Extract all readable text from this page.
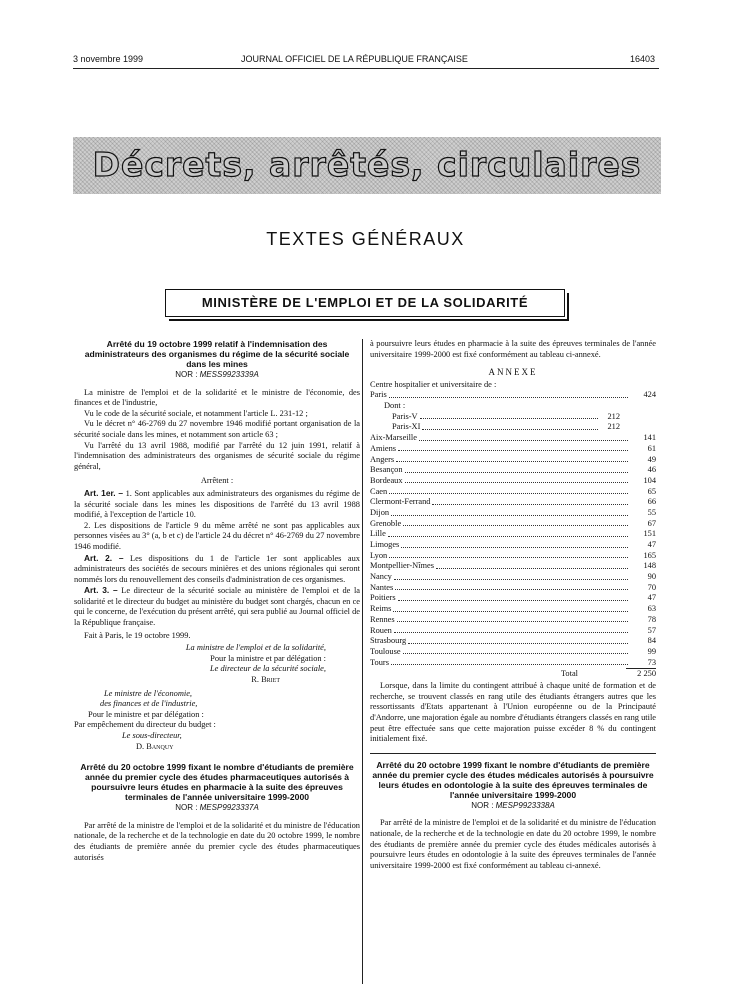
3 novembre 1999	JOURNAL OFFICIEL DE LA RÉPUBLIQUE FRANÇAISE	16403
Décrets, arrêtés, circulaires
TEXTES GÉNÉRAUX
MINISTÈRE DE L'EMPLOI ET DE LA SOLIDARITÉ
Arrêté du 19 octobre 1999 relatif à l'indemnisation des administrateurs des organismes du régime de la sécurité sociale dans les mines
NOR : MESS9923339A

La ministre de l'emploi et de la solidarité et le ministre de l'économie, des finances et de l'industrie,

Vu le code de la sécurité sociale, et notamment l'article L. 231-12 ;

Vu le décret n° 46-2769 du 27 novembre 1946 modifié portant organisation de la sécurité sociale dans les mines, et notamment son article 63 ;

Vu l'arrêté du 13 avril 1988, modifié par l'arrêté du 12 juin 1991, relatif à l'indemnisation des administrateurs des organismes de sécurité sociale du régime général,

Arrêtent :

Art. 1er. – 1. Sont applicables aux administrateurs des organismes du régime de la sécurité sociale dans les mines les dispositions de l'arrêté du 13 avril 1988 modifié, à l'exception de l'article 10.

2. Les dispositions de l'article 9 du même arrêté ne sont pas applicables aux personnes visées au 3° (a, b et c) de l'article 24 du décret n° 46-2769 du 27 novembre 1946 modifié.

Art. 2. – Les dispositions du 1 de l'article 1er sont applicables aux administrateurs des sociétés de secours minières et des unions régionales qui seront nommés lors du renouvellement des conseils d'administration de ces organismes.

Art. 3. – Le directeur de la sécurité sociale au ministère de l'emploi et de la solidarité et le directeur du budget au ministère du budget sont chargés, chacun en ce qui le concerne, de l'exécution du présent arrêté, qui sera publié au Journal officiel de la République française.

Fait à Paris, le 19 octobre 1999.

La ministre de l'emploi et de la solidarité,

Pour la ministre et par délégation :

Le directeur de la sécurité sociale,

R. Briet

Le ministre de l'économie,

des finances et de l'industrie,

Pour le ministre et par délégation :

Par empêchement du directeur du budget :

Le sous-directeur,

D. Banquy

Arrêté du 20 octobre 1999 fixant le nombre d'étudiants de première année du premier cycle des études pharmaceutiques autorisés à poursuivre leurs études en pharmacie à la suite des épreuves terminales de l'année universitaire 1999-2000
NOR : MESP9923337A

Par arrêté de la ministre de l'emploi et de la solidarité et du ministre de l'éducation nationale, de la recherche et de la technologie en date du 20 octobre 1999, le nombre des étudiants de première année du premier cycle des études pharmaceutiques autorisés

à poursuivre leurs études en pharmacie à la suite des épreuves terminales de l'année universitaire 1999-2000 est fixé conformément au tableau ci-annexé.

ANNEXE

Centre hospitalier et universitaire de :

Paris	424
Dont :
Paris-V	212
Paris-XI	212
Aix-Marseille	141
Amiens	61
Angers	49
Besançon	46
Bordeaux	104
Caen	65
Clermont-Ferrand	66
Dijon	55
Grenoble	67
Lille	151
Limoges	47
Lyon	165
Montpellier-Nîmes	148
Nancy	90
Nantes	70
Poitiers	47
Reims	63
Rennes	78
Rouen	57
Strasbourg	84
Toulouse	99
Tours	73
Total	2 250

Lorsque, dans la limite du contingent attribué à chaque unité de formation et de recherche, se trouvent classés en rang utile des étudiants étrangers autres que les ressortissants d'Etats appartenant à l'Union européenne ou de la Principauté d'Andorre, une majoration égale au nombre d'étudiants étrangers classés en rang utile peut être effectuée sans que cette majoration puisse excéder 8 % du contingent initialement fixé.

Arrêté du 20 octobre 1999 fixant le nombre d'étudiants de première année du premier cycle des études médicales autorisés à poursuivre leurs études en odontologie à la suite des épreuves terminales de l'année universitaire 1999-2000
NOR : MESP9923338A

Par arrêté de la ministre de l'emploi et de la solidarité et du ministre de l'éducation nationale, de la recherche et de la technologie en date du 20 octobre 1999, le nombre des étudiants de première année du premier cycle des études médicales autorisés à poursuivre leurs études en odontologie à la suite des épreuves terminales de l'année universitaire 1999-2000 est fixé conformément au tableau ci-annexé.
